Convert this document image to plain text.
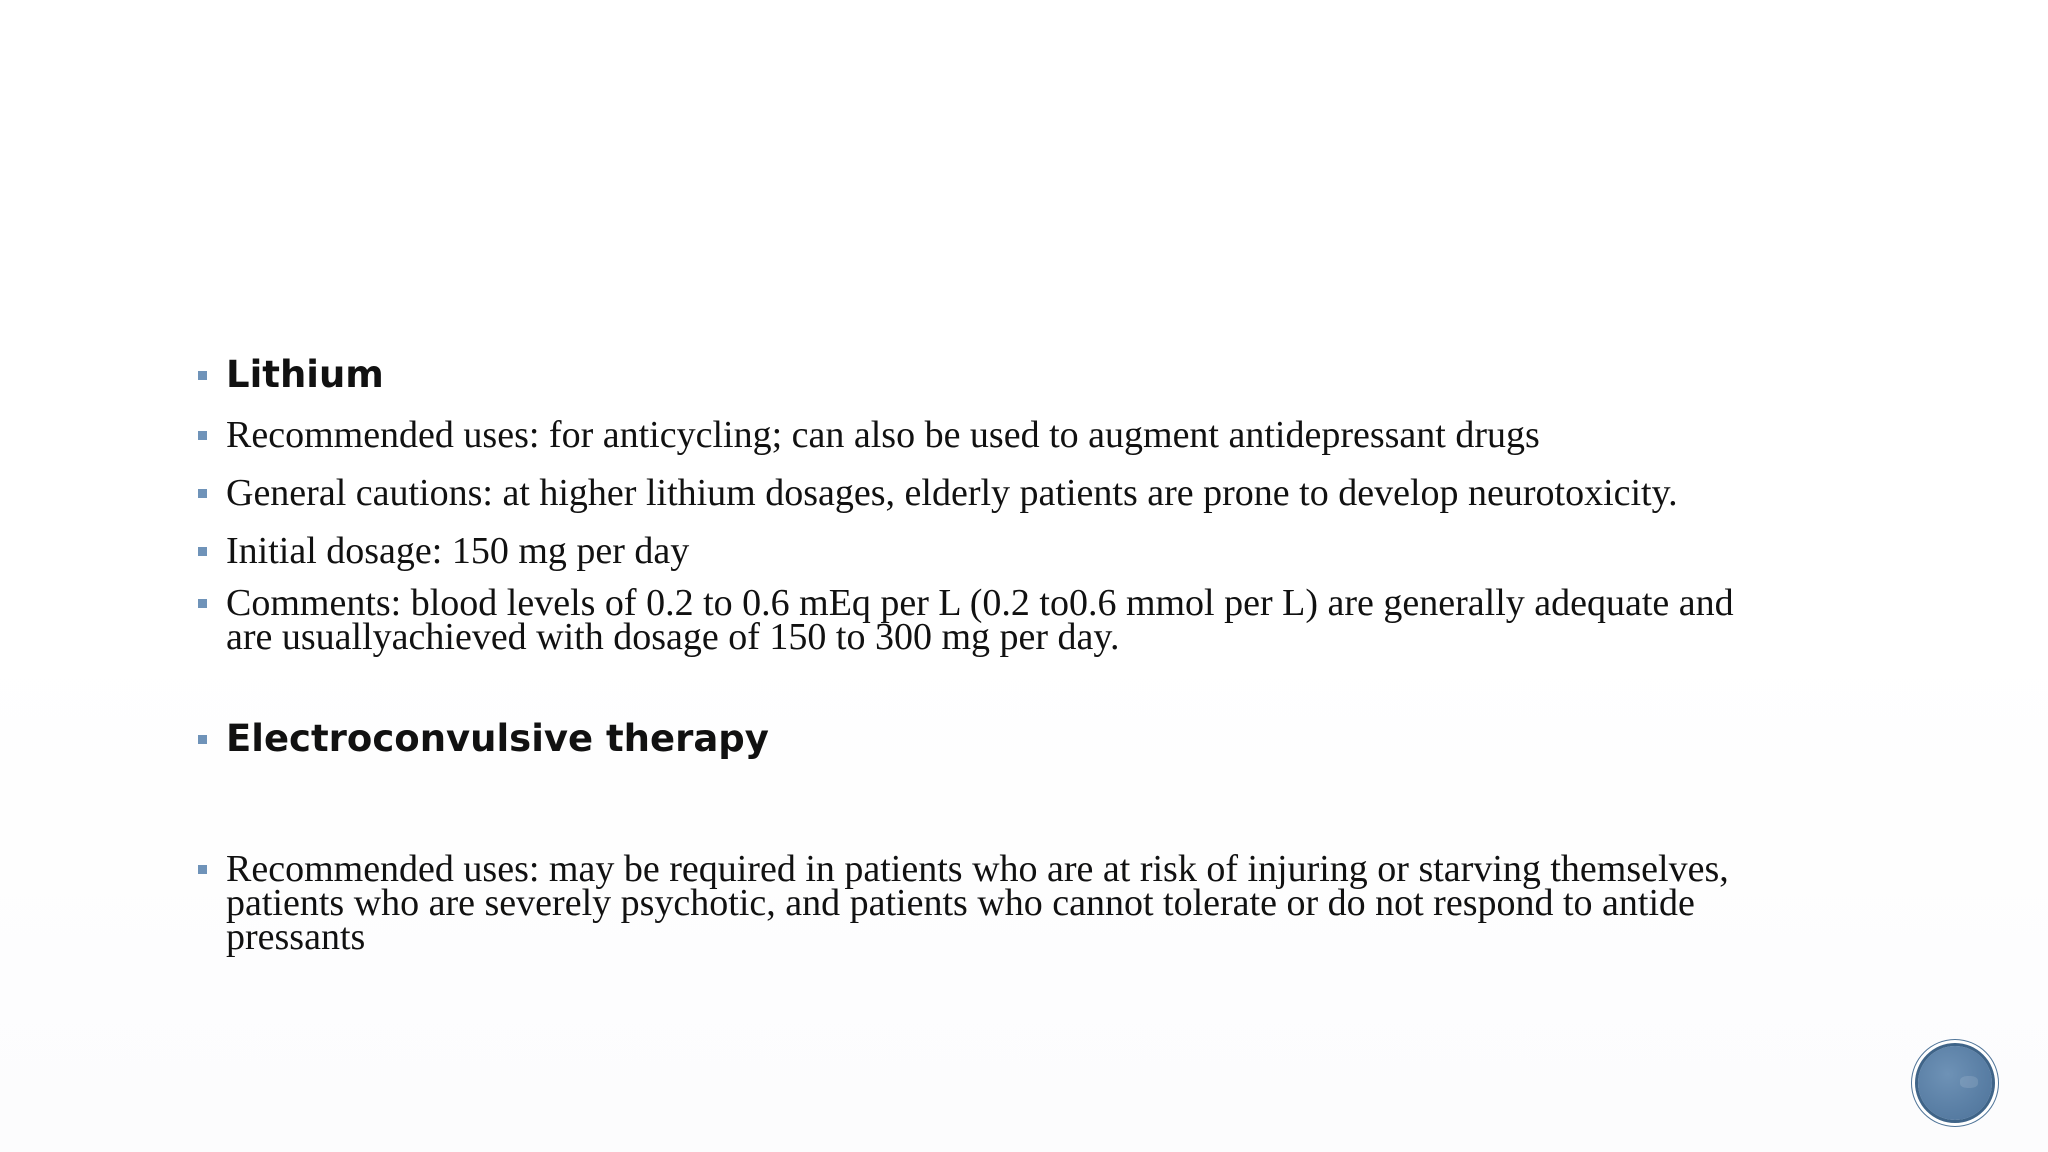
Lithium
Recommended uses: for anticycling; can also be used to augment antidepressant drugs
General cautions: at higher lithium dosages, elderly patients are prone to develop neurotoxicity.
Initial dosage: 150 mg per day
Comments: blood levels of 0.2 to 0.6 mEq per L (0.2 to0.6 mmol per L) are generally adequate and
are usuallyachieved with dosage of 150 to 300 mg per day.
Electroconvulsive therapy
Recommended uses: may be required in patients who are at risk of injuring or starving themselves,
patients who are severely psychotic, and patients who cannot tolerate or do not respond to antide
pressants
